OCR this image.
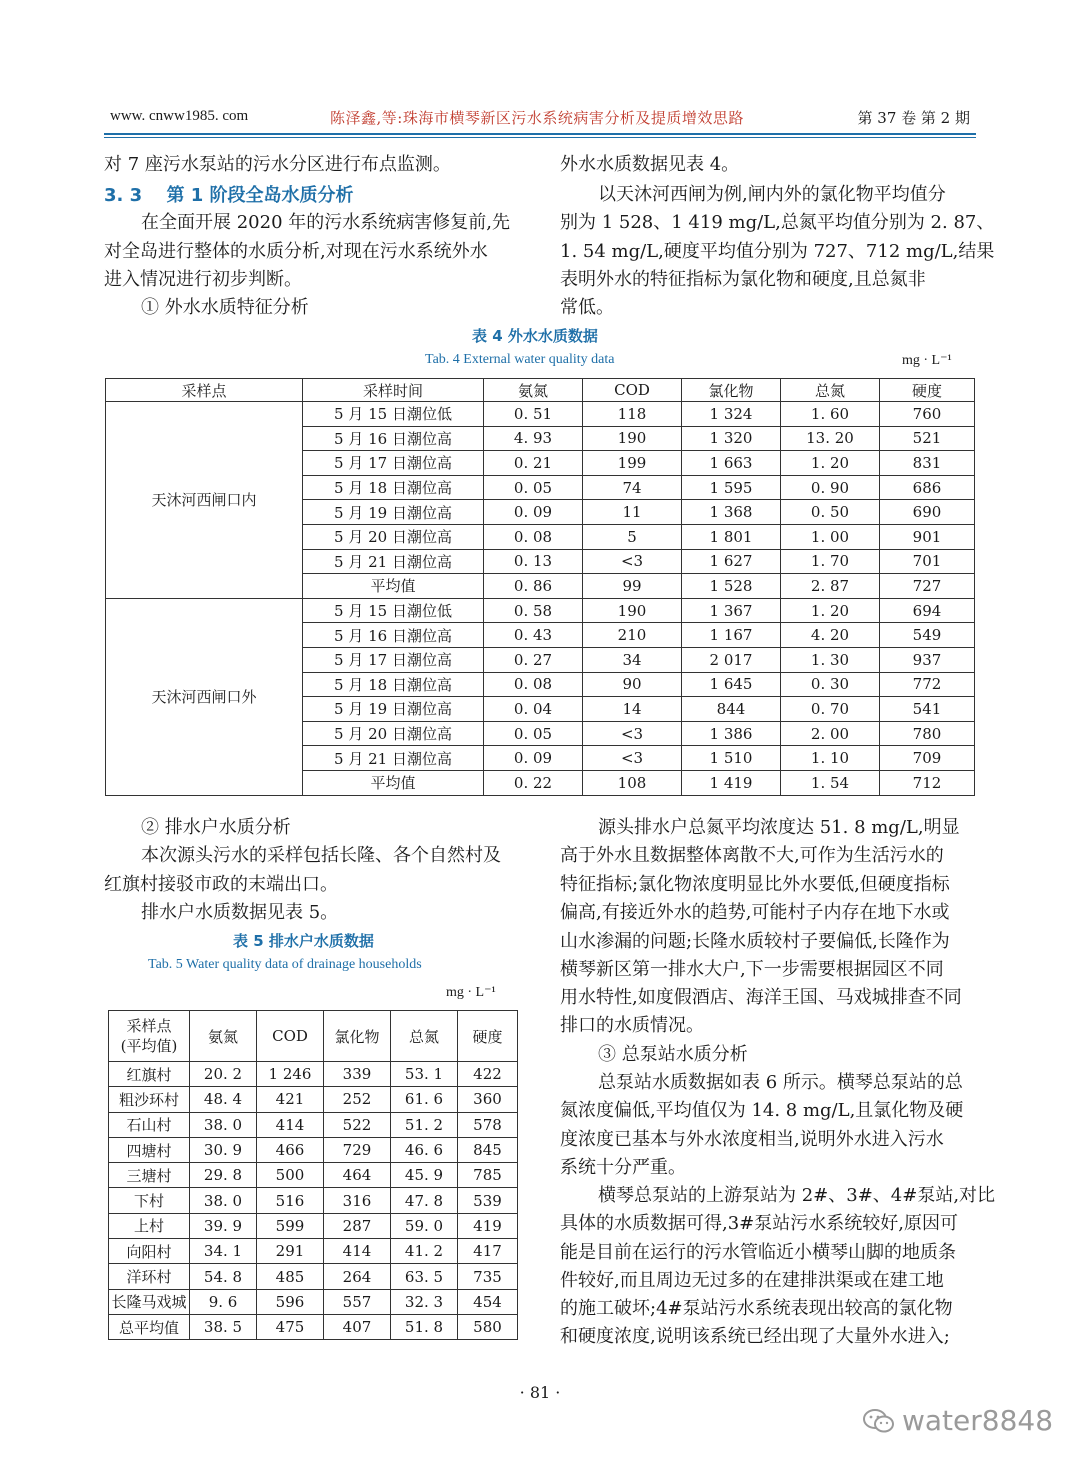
www. cnww1985. com	陈泽鑫,等:珠海市横琴新区污水系统病害分析及提质增效思路	第 37 卷 第 2 期
对 7 座污水泵站的污水分区进行布点监测。
3. 3 第 1 阶段全岛水质分析
在全面开展 2020 年的污水系统病害修复前,先
对全岛进行整体的水质分析,对现在污水系统外水
进入情况进行初步判断。
① 外水水质特征分析
外水水质数据见表 4。
以天沐河西闸为例,闸内外的氯化物平均值分
别为 1 528、1 419 mg/L,总氮平均值分别为 2. 87、
1. 54 mg/L,硬度平均值分别为 727、712 mg/L,结果
表明外水的特征指标为氯化物和硬度,且总氮非
常低。
表 4 外水水质数据
Tab. 4 External water quality data	mg · L⁻¹
采样点	采样时间	氨氮	COD	氯化物	总氮	硬度
天沐河西闸口内	5 月 15 日潮位低	0. 51	118	1 324	1. 60	760
	5 月 16 日潮位高	4. 93	190	1 320	13. 20	521
	5 月 17 日潮位高	0. 21	199	1 663	1. 20	831
	5 月 18 日潮位高	0. 05	74	1 595	0. 90	686
	5 月 19 日潮位高	0. 09	11	1 368	0. 50	690
	5 月 20 日潮位高	0. 08	5	1 801	1. 00	901
	5 月 21 日潮位高	0. 13	<3	1 627	1. 70	701
	平均值	0. 86	99	1 528	2. 87	727
天沐河西闸口外	5 月 15 日潮位低	0. 58	190	1 367	1. 20	694
	5 月 16 日潮位高	0. 43	210	1 167	4. 20	549
	5 月 17 日潮位高	0. 27	34	2 017	1. 30	937
	5 月 18 日潮位高	0. 08	90	1 645	0. 30	772
	5 月 19 日潮位高	0. 04	14	844	0. 70	541
	5 月 20 日潮位高	0. 05	<3	1 386	2. 00	780
	5 月 21 日潮位高	0. 09	<3	1 510	1. 10	709
	平均值	0. 22	108	1 419	1. 54	712
② 排水户水质分析
本次源头污水的采样包括长隆、各个自然村及
红旗村接驳市政的末端出口。
排水户水质数据见表 5。
表 5 排水户水质数据
Tab. 5 Water quality data of drainage households
mg · L⁻¹
采样点
(平均值)	氨氮	COD	氯化物	总氮	硬度
红旗村	20. 2	1 246	339	53. 1	422
粗沙环村	48. 4	421	252	61. 6	360
石山村	38. 0	414	522	51. 2	578
四塘村	30. 9	466	729	46. 6	845
三塘村	29. 8	500	464	45. 9	785
下村	38. 0	516	316	47. 8	539
上村	39. 9	599	287	59. 0	419
向阳村	34. 1	291	414	41. 2	417
洋环村	54. 8	485	264	63. 5	735
长隆马戏城	9. 6	596	557	32. 3	454
总平均值	38. 5	475	407	51. 8	580
源头排水户总氮平均浓度达 51. 8 mg/L,明显
高于外水且数据整体离散不大,可作为生活污水的
特征指标;氯化物浓度明显比外水要低,但硬度指标
偏高,有接近外水的趋势,可能村子内存在地下水或
山水渗漏的问题;长隆水质较村子要偏低,长隆作为
横琴新区第一排水大户,下一步需要根据园区不同
用水特性,如度假酒店、海洋王国、马戏城排查不同
排口的水质情况。
③ 总泵站水质分析
总泵站水质数据如表 6 所示。横琴总泵站的总
氮浓度偏低,平均值仅为 14. 8 mg/L,且氯化物及硬
度浓度已基本与外水浓度相当,说明外水进入污水
系统十分严重。
横琴总泵站的上游泵站为 2#、3#、4#泵站,对比
具体的水质数据可得,3#泵站污水系统较好,原因可
能是目前在运行的污水管临近小横琴山脚的地质条
件较好,而且周边无过多的在建排洪渠或在建工地
的施工破坏;4#泵站污水系统表现出较高的氯化物
和硬度浓度,说明该系统已经出现了大量外水进入;
· 81 ·
water8848
